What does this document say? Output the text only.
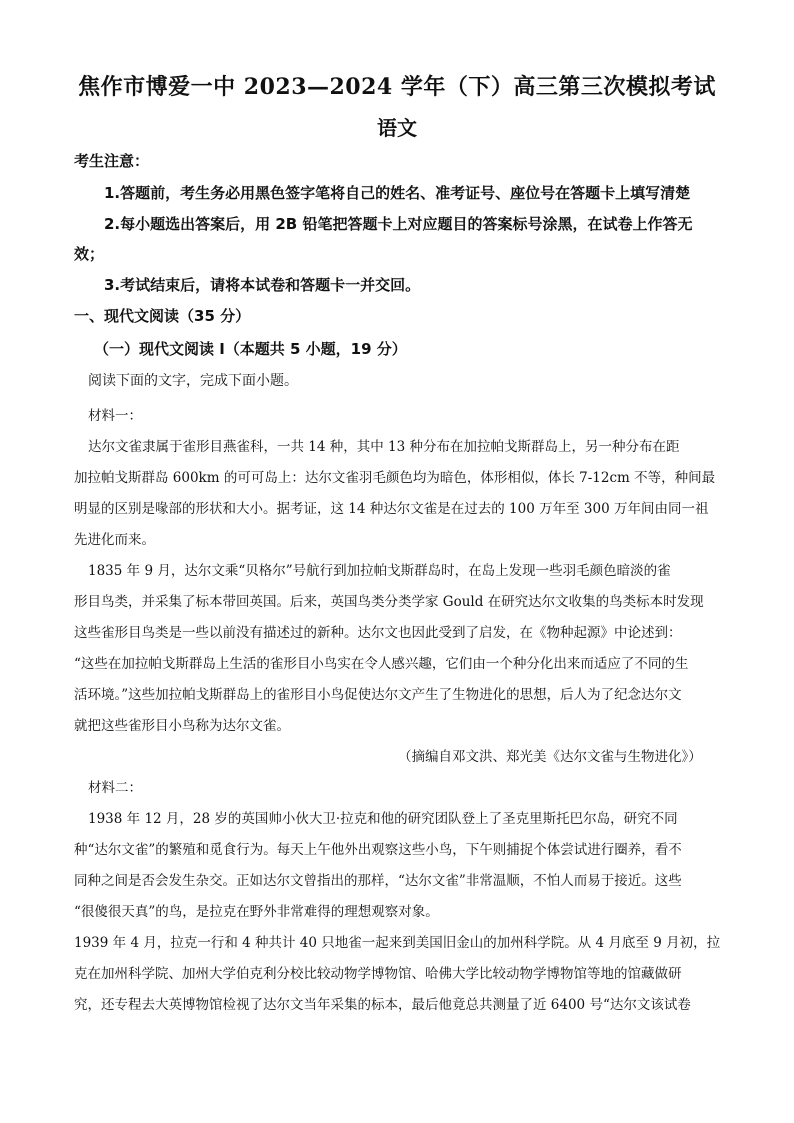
焦作市博爱一中 2023—2024 学年（下）高三第三次模拟考试
语文
考生注意：
1.答题前，考生务必用黑色签字笔将自己的姓名、准考证号、座位号在答题卡上填写清楚
2.每小题选出答案后，用 2B 铅笔把答题卡上对应题目的答案标号涂黑，在试卷上作答无
效；
3.考试结束后，请将本试卷和答题卡一并交回。
一、现代文阅读（35 分）
（一）现代文阅读 I（本题共 5 小题，19 分）
阅读下面的文字，完成下面小题。
材料一：
达尔文雀隶属于雀形目燕雀科，一共 14 种，其中 13 种分布在加拉帕戈斯群岛上，另一种分布在距
加拉帕戈斯群岛 600km 的可可岛上：达尔文雀羽毛颜色均为暗色，体形相似，体长 7-12cm 不等，种间最
明显的区别是喙部的形状和大小。据考证，这 14 种达尔文雀是在过去的 100 万年至 300 万年间由同一祖
先进化而来。
1835 年 9 月，达尔文乘“贝格尔”号航行到加拉帕戈斯群岛时，在岛上发现一些羽毛颜色暗淡的雀
形目鸟类，并采集了标本带回英国。后来，英国鸟类分类学家 Gould 在研究达尔文收集的鸟类标本时发现
这些雀形目鸟类是一些以前没有描述过的新种。达尔文也因此受到了启发，在《物种起源》中论述到：
“这些在加拉帕戈斯群岛上生活的雀形目小鸟实在令人感兴趣，它们由一个种分化出来而适应了不同的生
活环境。”这些加拉帕戈斯群岛上的雀形目小鸟促使达尔文产生了生物进化的思想，后人为了纪念达尔文
就把这些雀形目小鸟称为达尔文雀。
（摘编自邓文洪、郑光美《达尔文雀与生物进化》）
材料二：
1938 年 12 月，28 岁的英国帅小伙大卫·拉克和他的研究团队登上了圣克里斯托巴尔岛，研究不同
种“达尔文雀”的繁殖和觅食行为。每天上午他外出观察这些小鸟，下午则捕捉个体尝试进行圈养，看不
同种之间是否会发生杂交。正如达尔文曾指出的那样，“达尔文雀”非常温顺，不怕人而易于接近。这些
“很傻很天真”的鸟，是拉克在野外非常难得的理想观察对象。
1939 年 4 月，拉克一行和 4 种共计 40 只地雀一起来到美国旧金山的加州科学院。从 4 月底至 9 月初，拉
克在加州科学院、加州大学伯克利分校比较动物学博物馆、哈佛大学比较动物学博物馆等地的馆藏做研
究，还专程去大英博物馆检视了达尔文当年采集的标本，最后他竟总共测量了近 6400 号“达尔文该试卷
